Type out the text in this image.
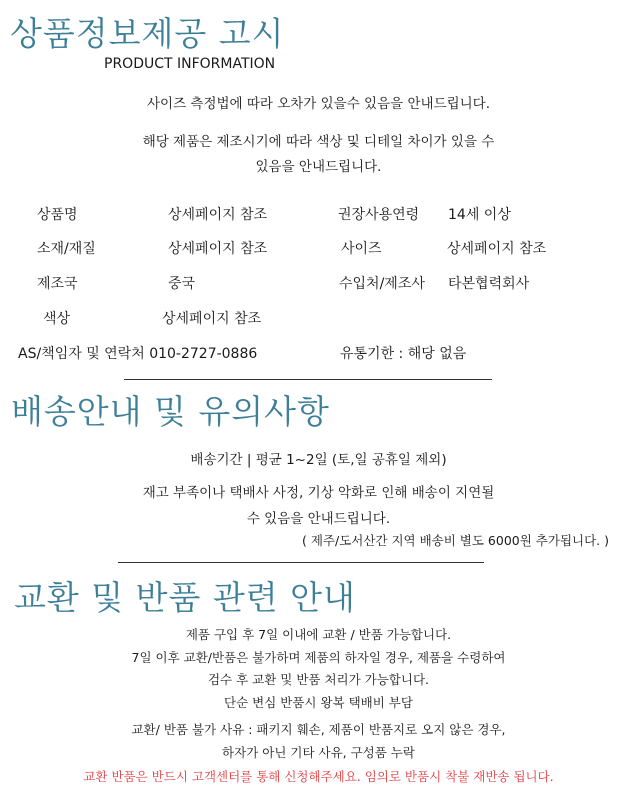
상품정보제공 고시
PRODUCT INFORMATION
사이즈 측정법에 따라 오차가 있을수 있음을 안내드립니다.
해당 제품은 제조시기에 따라 색상 및 디테일 차이가 있을 수
있음을 안내드립니다.
상품명	상세페이지 참조	권장사용연령 14세 이상
소재/재질	상세페이지 참조	사이즈	상세페이지 참조
제조국	중국	수입처/제조사 타본협력회사
색상	상세페이지 참조
AS/책임자 및 연락처 010-2727-0886	유통기한 : 해당 없음
배송안내 및 유의사항
배송기간 | 평균 1~2일 (토,일 공휴일 제외)
재고 부족이나 택배사 사정, 기상 악화로 인해 배송이 지연될
수 있음을 안내드립니다.
( 제주/도서산간 지역 배송비 별도 6000원 추가됩니다. )
교환 및 반품 관련 안내
제품 구입 후 7일 이내에 교환 / 반품 가능합니다.
7일 이후 교환/반품은 불가하며 제품의 하자일 경우, 제품을 수령하여
검수 후 교환 및 반품 처리가 가능합니다.
단순 변심 반품시 왕복 택배비 부담
교환/ 반품 불가 사유 : 패키지 훼손, 제품이 반품지로 오지 않은 경우,
하자가 아닌 기타 사유, 구성품 누락
교환 반품은 반드시 고객센터를 통해 신청해주세요. 임의로 반품시 착불 재반송 됩니다.
